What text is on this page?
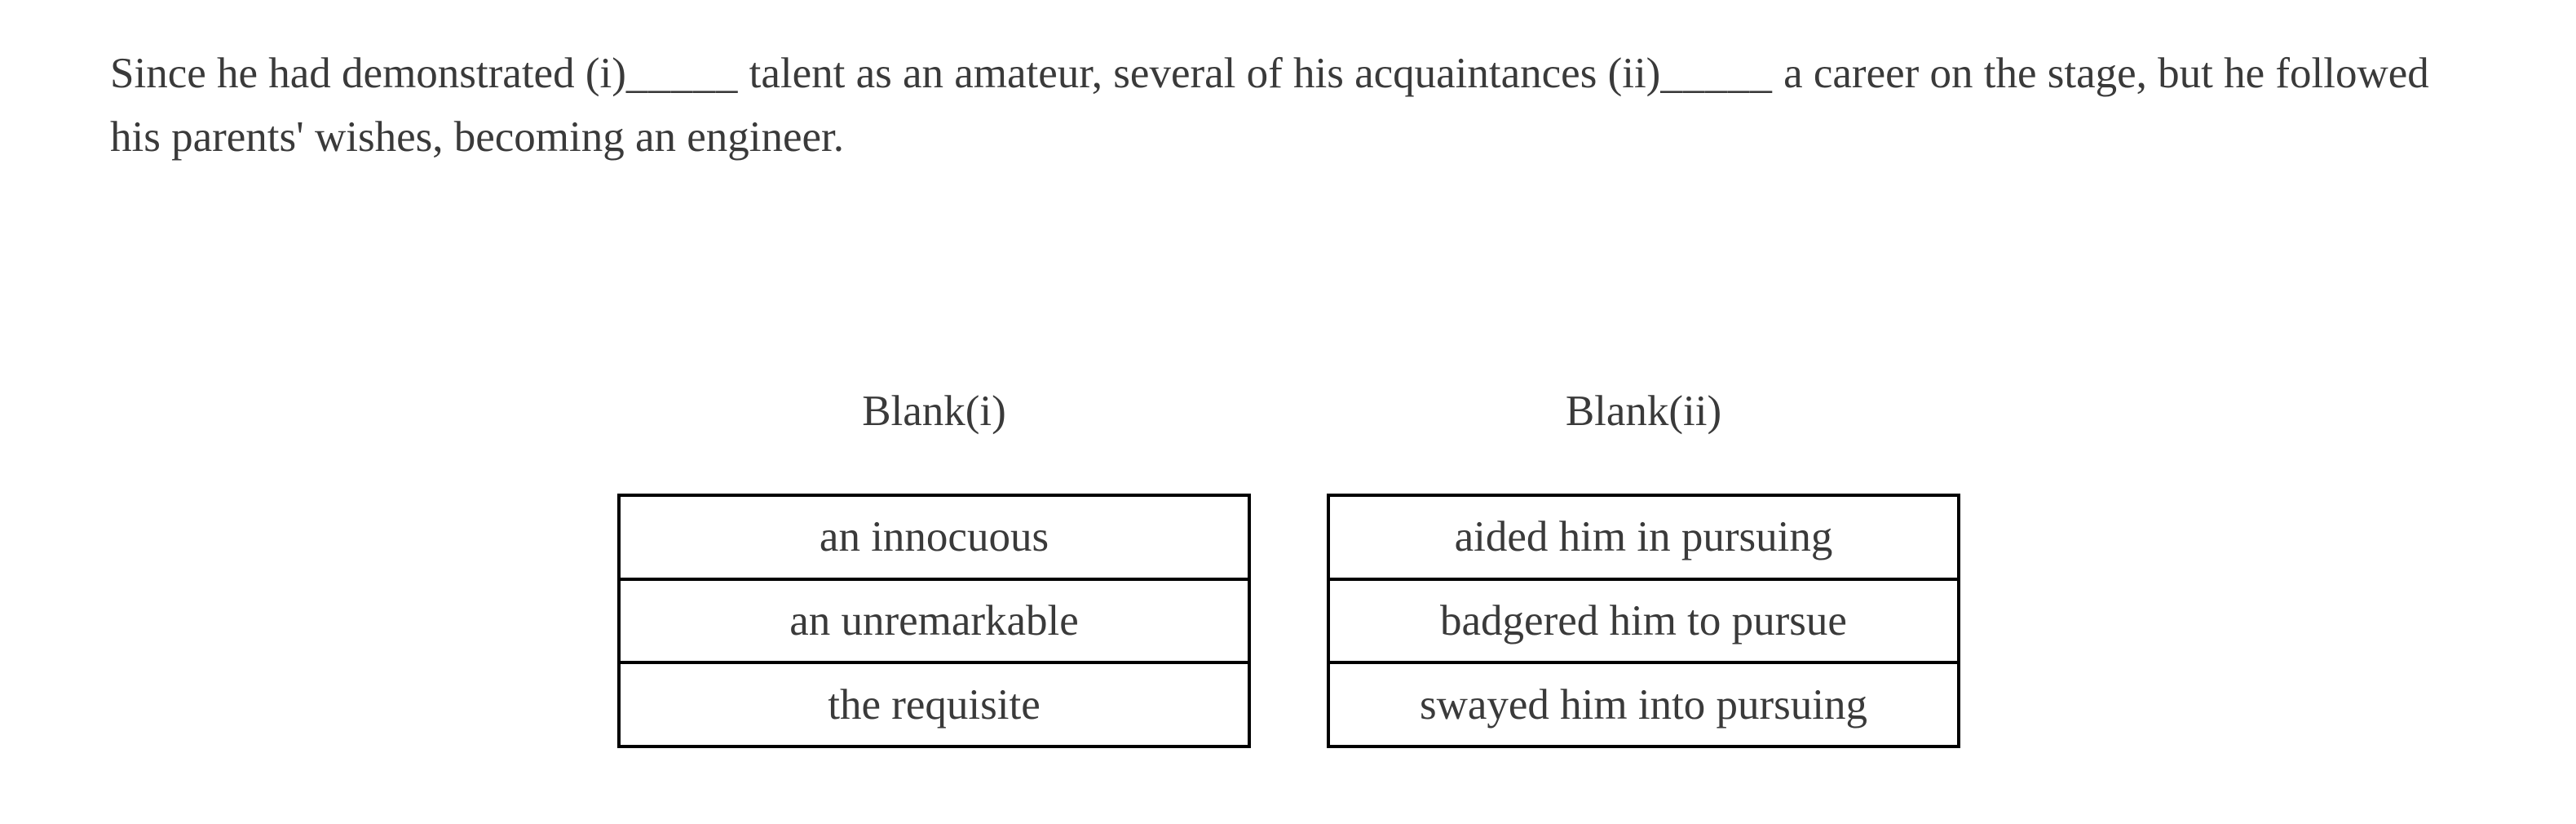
Since he had demonstrated (i)_____ talent as an amateur, several of his acquaintances (ii)_____ a career on the stage, but he followed his parents' wishes, becoming an engineer.

Blank(i)	Blank(ii)
an innocuous
an unremarkable
the requisite
aided him in pursuing
badgered him to pursue
swayed him into pursuing
